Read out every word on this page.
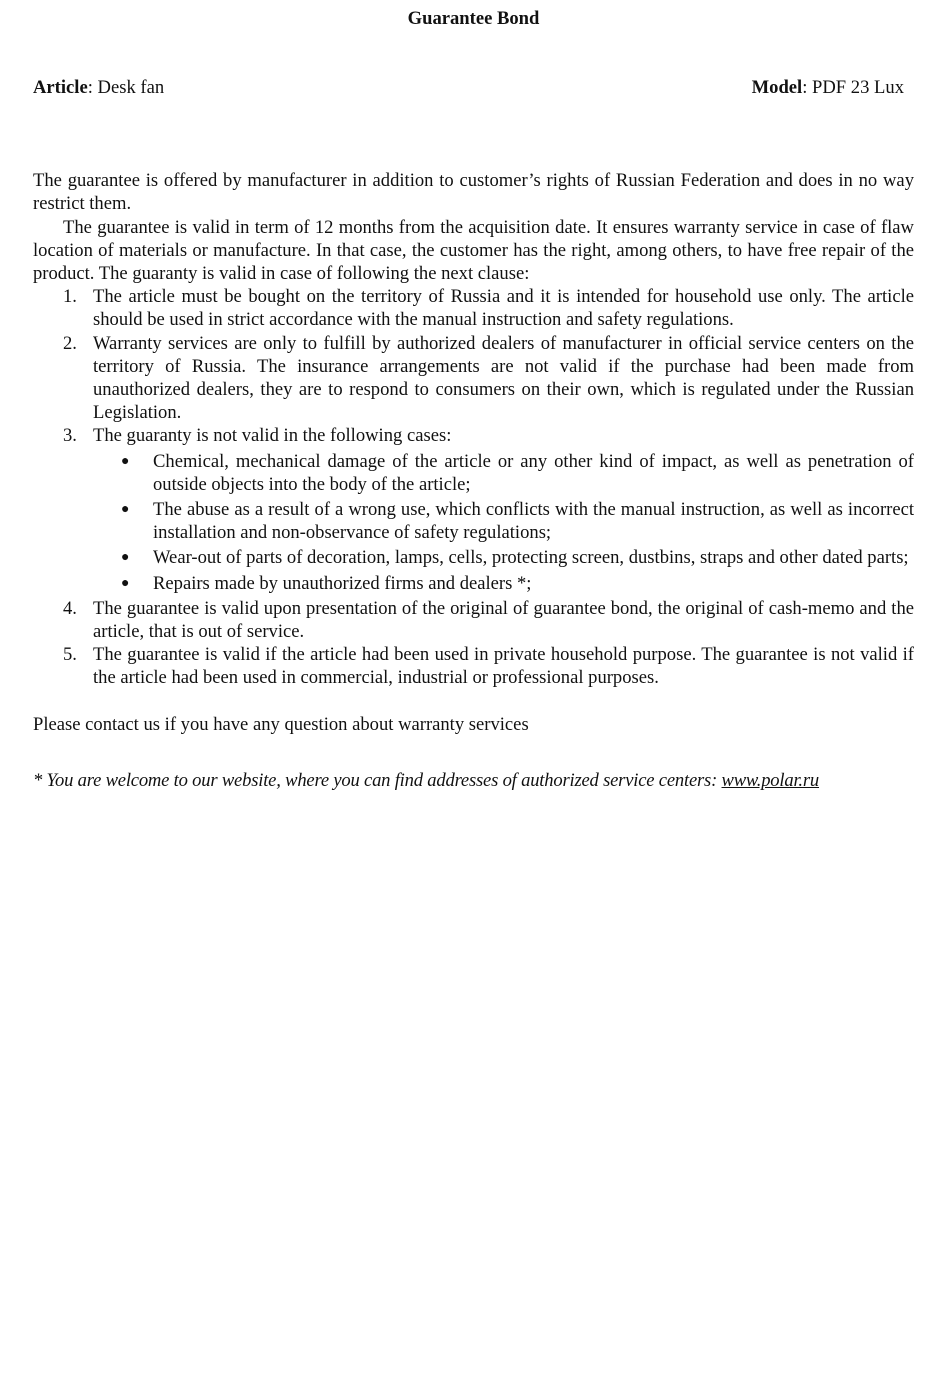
Guarantee Bond
Article: Desk fan	Model: PDF 23 Lux
The guarantee is offered by manufacturer in addition to customer’s rights of Russian Federation and does in no way restrict them.
The guarantee is valid in term of 12 months from the acquisition date. It ensures warranty service in case of flaw location of materials or manufacture. In that case, the customer has the right, among others, to have free repair of the product. The guaranty is valid in case of following the next clause:
1. The article must be bought on the territory of Russia and it is intended for household use only. The article should be used in strict accordance with the manual instruction and safety regulations.
2. Warranty services are only to fulfill by authorized dealers of manufacturer in official service centers on the territory of Russia. The insurance arrangements are not valid if the purchase had been made from unauthorized dealers, they are to respond to consumers on their own, which is regulated under the Russian Legislation.
3. The guaranty is not valid in the following cases:
● Chemical, mechanical damage of the article or any other kind of impact, as well as penetration of outside objects into the body of the article;
● The abuse as a result of a wrong use, which conflicts with the manual instruction, as well as incorrect installation and non-observance of safety regulations;
● Wear-out of parts of decoration, lamps, cells, protecting screen, dustbins, straps and other dated parts;
● Repairs made by unauthorized firms and dealers *;
4. The guarantee is valid upon presentation of the original of guarantee bond, the original of cash-memo and the article, that is out of service.
5. The guarantee is valid if the article had been used in private household purpose. The guarantee is not valid if the article had been used in commercial, industrial or professional purposes.
Please contact us if you have any question about warranty services
* You are welcome to our website, where you can find addresses of authorized service centers: www.polar.ru
